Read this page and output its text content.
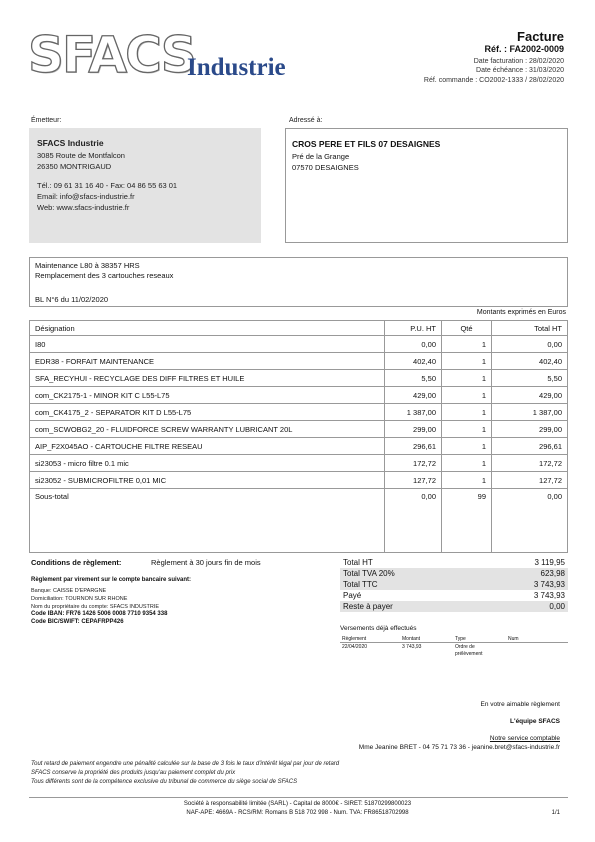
SFACS
Industrie
Facture
Réf. : FA2002-0009
Date facturation : 28/02/2020
Date échéance : 31/03/2020
Réf. commande : CO2002-1333 / 28/02/2020
Émetteur:
SFACS Industrie
3085 Route de Montfalcon
26350 MONTRIGAUD
Tél.: 09 61 31 16 40 - Fax: 04 86 55 63 01
Email: info@sfacs-industrie.fr
Web: www.sfacs-industrie.fr
Adressé à:
CROS PERE ET FILS 07 DESAIGNES
Pré de la Grange
07570 DESAIGNES
Maintenance L80 à 38357 HRS
Remplacement des 3 cartouches reseaux
BL N°6 du 11/02/2020
Montants exprimés en Euros
Désignation	P.U. HT	Qté	Total HT
I80	0,00	1	0,00
EDR38 - FORFAIT MAINTENANCE	402,40	1	402,40
SFA_RECYHUI - RECYCLAGE DES DIFF FILTRES ET HUILE	5,50	1	5,50
com_CK2175-1 - MINOR KIT C L55-L75	429,00	1	429,00
com_CK4175_2 - SEPARATOR KIT D L55-L75	1 387,00	1	1 387,00
com_SCWOBG2_20 - FLUIDFORCE SCREW WARRANTY LUBRICANT 20L	299,00	1	299,00
AIP_F2X045AO - CARTOUCHE FILTRE RESEAU	296,61	1	296,61
si23053 - micro filtre 0.1 mic	172,72	1	172,72
si23052 - SUBMICROFILTRE 0,01 MIC	127,72	1	127,72
Sous-total	0,00	99	0,00
Conditions de règlement:	Règlement à 30 jours fin de mois
Règlement par virement sur le compte bancaire suivant:
Banque: CAISSE D'EPARGNE
Domiciliation: TOURNON SUR RHONE
Nom du propriétaire du compte: SFACS INDUSTRIE
Code IBAN: FR76 1426 5006 0008 7710 9354 338
Code BIC/SWIFT: CEPAFRPP426
Total HT	3 119,95
Total TVA 20%	623,98
Total TTC	3 743,93
Payé	3 743,93
Reste à payer	0,00
Versements déjà effectués
Règlement	Montant	Type	Num
22/04/2020	3 743,93	Ordre de
prélèvement
En votre aimable règlement
L'équipe SFACS
Notre service comptable
Mme Jeanine BRET - 04 75 71 73 36 - jeanine.bret@sfacs-industrie.fr
Tout retard de paiement engendre une pénalité calculée sur la base de 3 fois le taux d'intérêt légal par jour de retard
SFACS conserve la propriété des produits jusqu'au paiement complet du prix
Tous différents sont de la compétence exclusive du tribunal de commerce du siège social de SFACS
Société à responsabilité limitée (SARL) - Capital de 8000€ - SIRET: 51870299800023
NAF-APE: 4669A - RCS/RM: Romans B 518 702 998 - Num. TVA: FR86518702998	1/1
